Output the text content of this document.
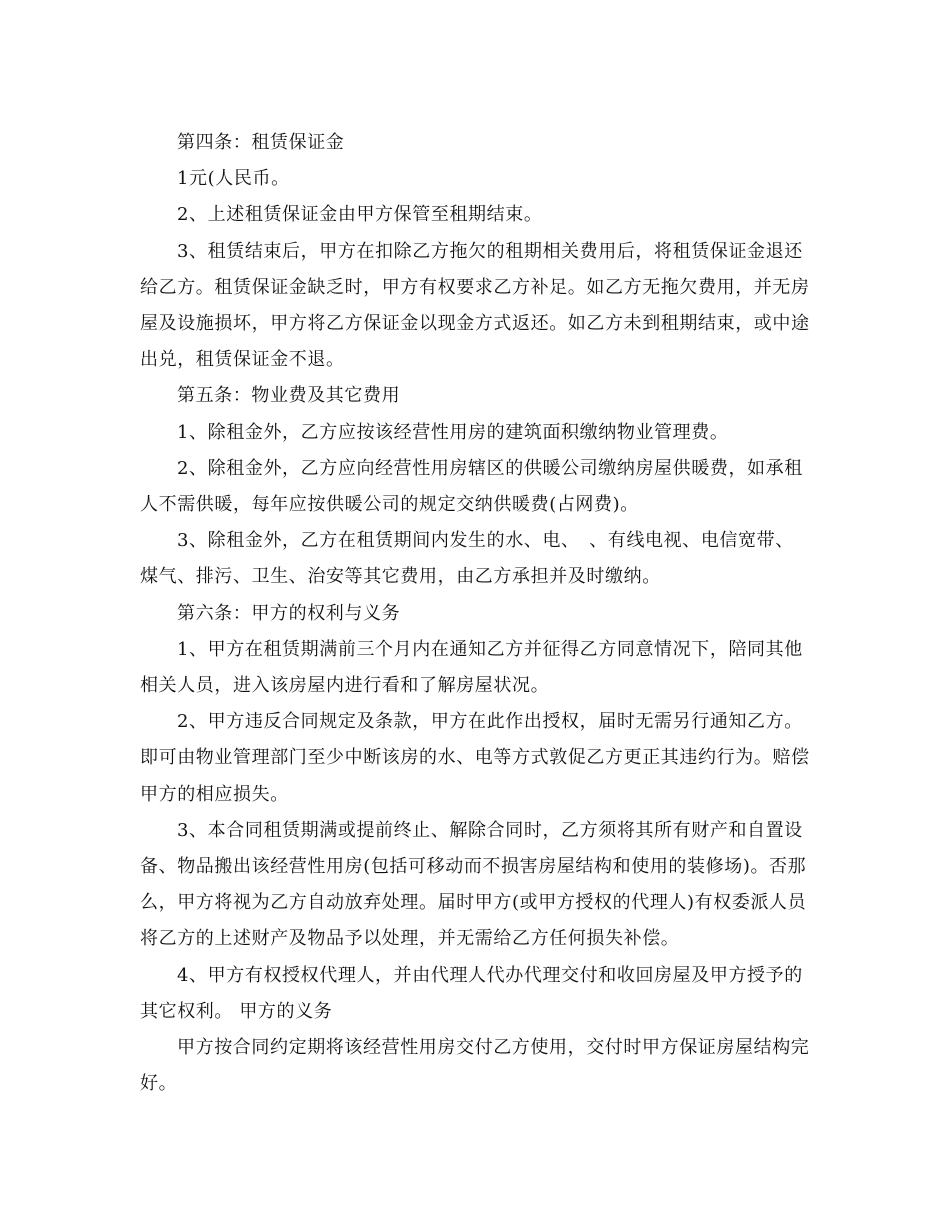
第四条：租赁保证金

1元(人民币。

2、上述租赁保证金由甲方保管至租期结束。

3、租赁结束后，甲方在扣除乙方拖欠的租期相关费用后，将租赁保证金退还给乙方。租赁保证金缺乏时，甲方有权要求乙方补足。如乙方无拖欠费用，并无房屋及设施损坏，甲方将乙方保证金以现金方式返还。如乙方未到租期结束，或中途出兑，租赁保证金不退。

第五条：物业费及其它费用

1、除租金外，乙方应按该经营性用房的建筑面积缴纳物业管理费。

2、除租金外，乙方应向经营性用房辖区的供暖公司缴纳房屋供暖费，如承租人不需供暖，每年应按供暖公司的规定交纳供暖费(占网费)。

3、除租金外，乙方在租赁期间内发生的水、电、　、有线电视、电信宽带、煤气、排污、卫生、治安等其它费用，由乙方承担并及时缴纳。

第六条：甲方的权利与义务

1、甲方在租赁期满前三个月内在通知乙方并征得乙方同意情况下，陪同其他相关人员，进入该房屋内进行看和了解房屋状况。

2、甲方违反合同规定及条款，甲方在此作出授权，届时无需另行通知乙方。即可由物业管理部门至少中断该房的水、电等方式敦促乙方更正其违约行为。赔偿甲方的相应损失。

3、本合同租赁期满或提前终止、解除合同时，乙方须将其所有财产和自置设备、物品搬出该经营性用房(包括可移动而不损害房屋结构和使用的装修场)。否那么，甲方将视为乙方自动放弃处理。届时甲方(或甲方授权的代理人)有权委派人员将乙方的上述财产及物品予以处理，并无需给乙方任何损失补偿。

4、甲方有权授权代理人，并由代理人代办代理交付和收回房屋及甲方授予的其它权利。 甲方的义务

甲方按合同约定期将该经营性用房交付乙方使用，交付时甲方保证房屋结构完好。
